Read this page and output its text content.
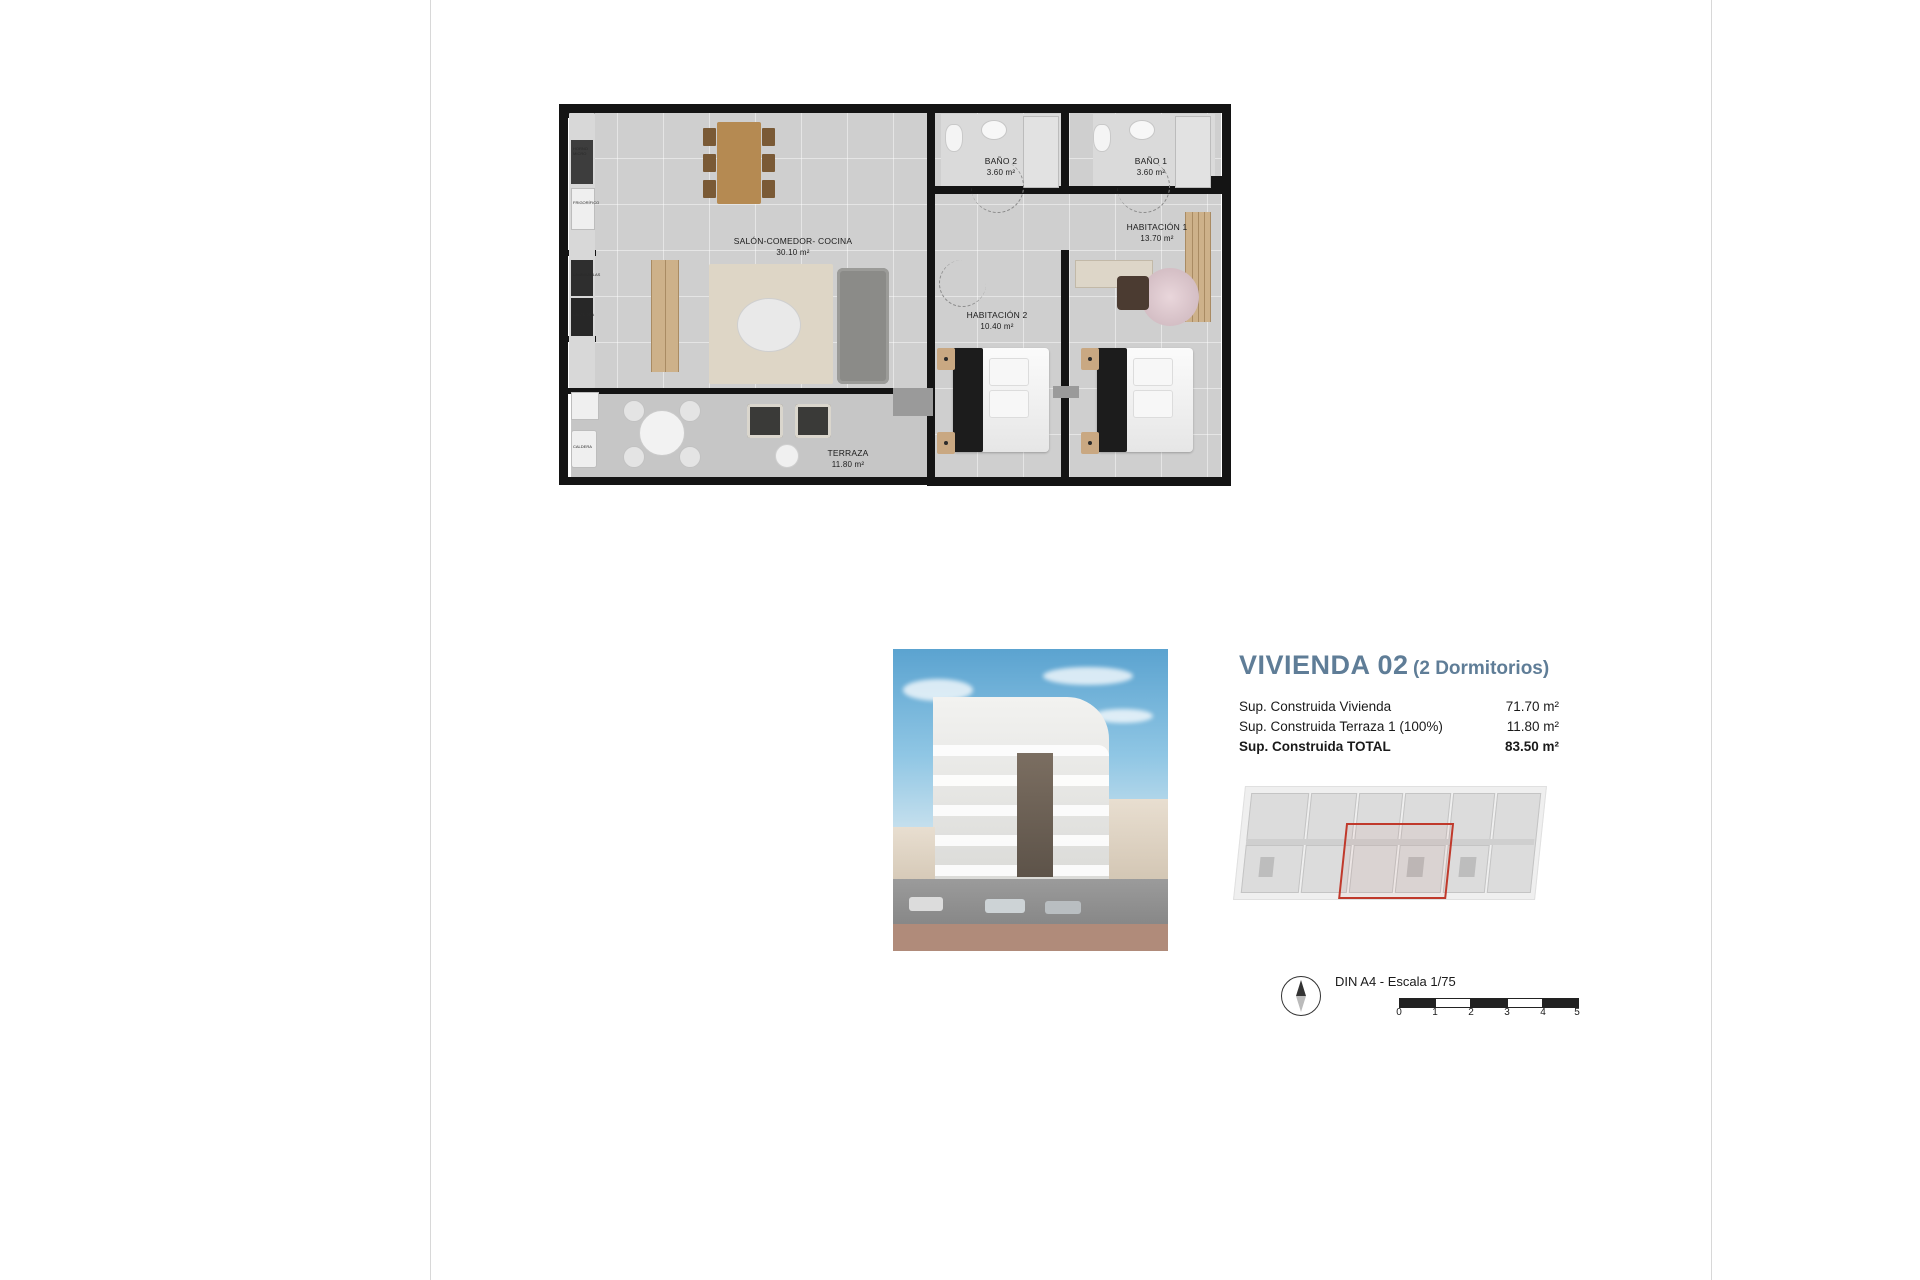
HORNO
MICRO
FRIGORÍFICO
LAVAVAJILLAS
LAVADORA
CALDERA
SALÓN-COMEDOR- COCINA
30.10 m²
TERRAZA
11.80 m²
BAÑO 2
3.60 m²
BAÑO 1
3.60 m²
HABITACIÓN 1
13.70 m²
HABITACIÓN 2
10.40 m²
VIVIENDA 02 (2 Dormitorios)
Sup. Construida Vivienda	71.70 m²
Sup. Construida Terraza 1 (100%)	11.80 m²
Sup. Construida TOTAL	83.50 m²
DIN A4 - Escala 1/75
0	1	2	3	4	5
